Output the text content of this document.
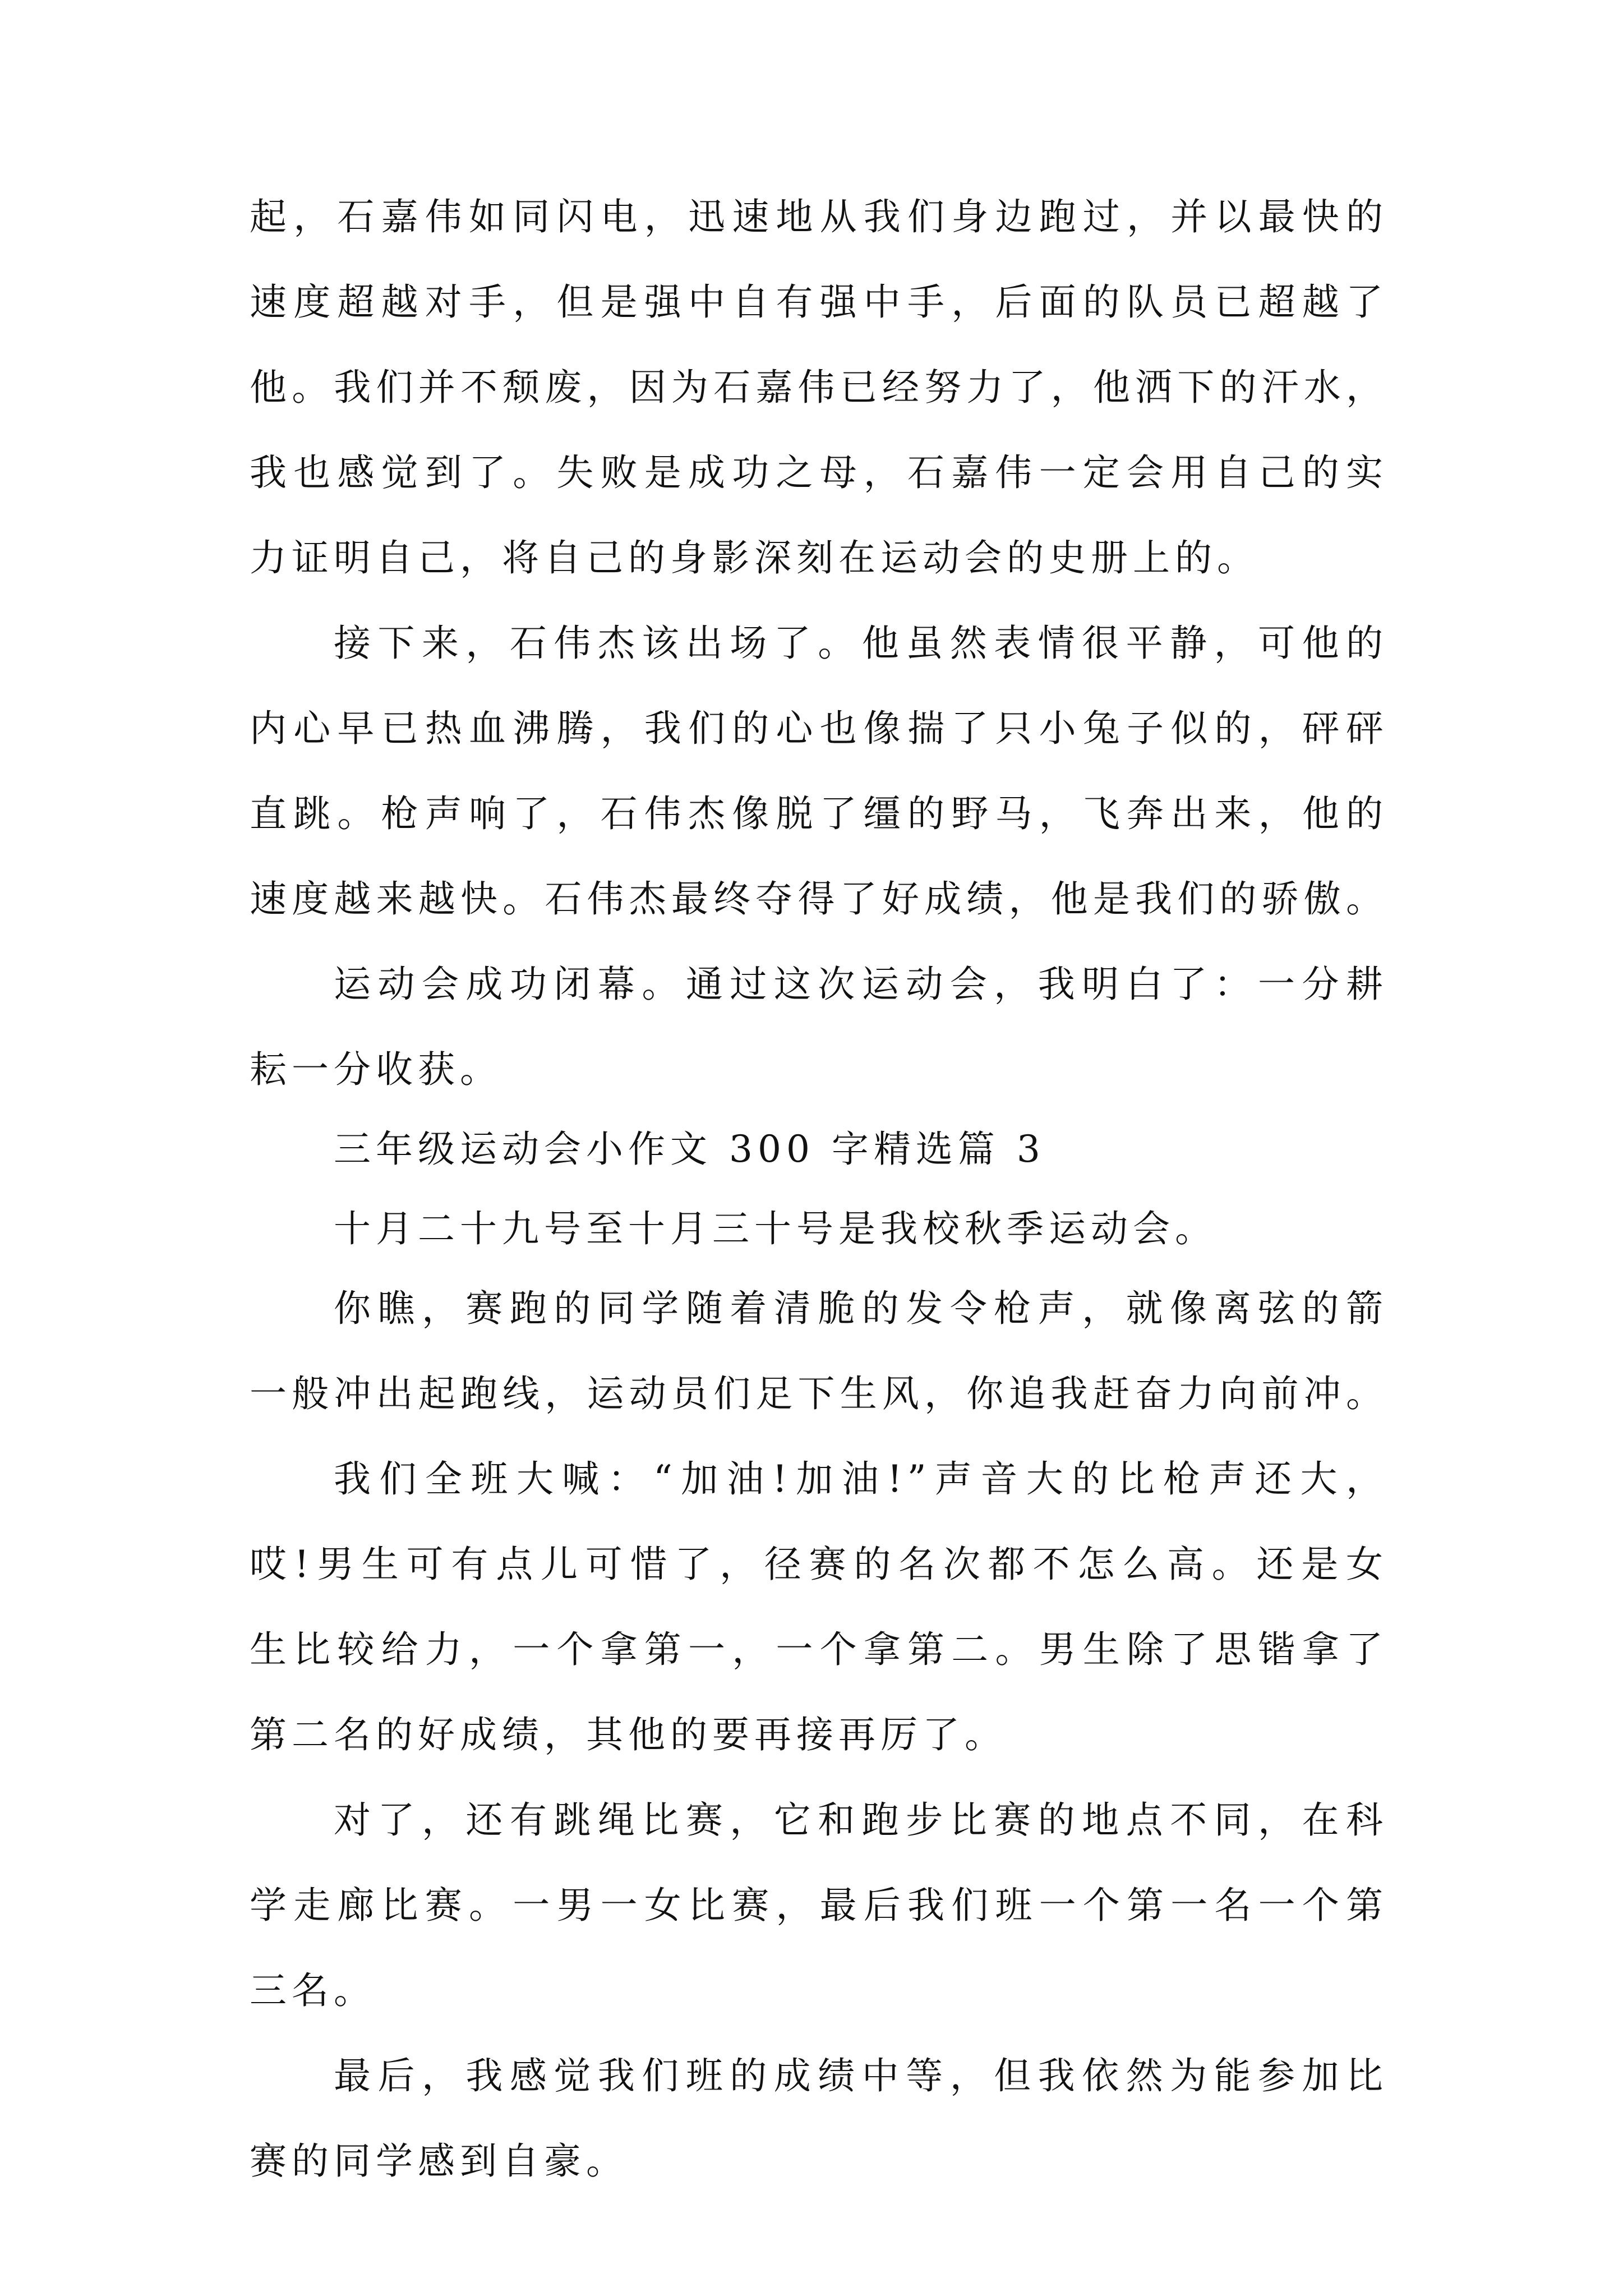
起，石嘉伟如同闪电，迅速地从我们身边跑过，并以最快的

速度超越对手，但是强中自有强中手，后面的队员已超越了

他。我们并不颓废，因为石嘉伟已经努力了，他洒下的汗水，

我也感觉到了。失败是成功之母，石嘉伟一定会用自己的实

力证明自己，将自己的身影深刻在运动会的史册上的。

接下来，石伟杰该出场了。他虽然表情很平静，可他的

内心早已热血沸腾，我们的心也像揣了只小兔子似的，砰砰

直跳。枪声响了，石伟杰像脱了缰的野马，飞奔出来，他的

速度越来越快。石伟杰最终夺得了好成绩，他是我们的骄傲。

运动会成功闭幕。通过这次运动会，我明白了：一分耕

耘一分收获。

三年级运动会小作文 300 字精选篇 3

十月二十九号至十月三十号是我校秋季运动会。

你瞧，赛跑的同学随着清脆的发令枪声，就像离弦的箭

一般冲出起跑线，运动员们足下生风，你追我赶奋力向前冲。

我们全班大喊：“加油!加油!”声音大的比枪声还大，

哎!男生可有点儿可惜了，径赛的名次都不怎么高。还是女

生比较给力，一个拿第一，一个拿第二。男生除了思锴拿了

第二名的好成绩，其他的要再接再厉了。

对了，还有跳绳比赛，它和跑步比赛的地点不同，在科

学走廊比赛。一男一女比赛，最后我们班一个第一名一个第

三名。

最后，我感觉我们班的成绩中等，但我依然为能参加比

赛的同学感到自豪。
